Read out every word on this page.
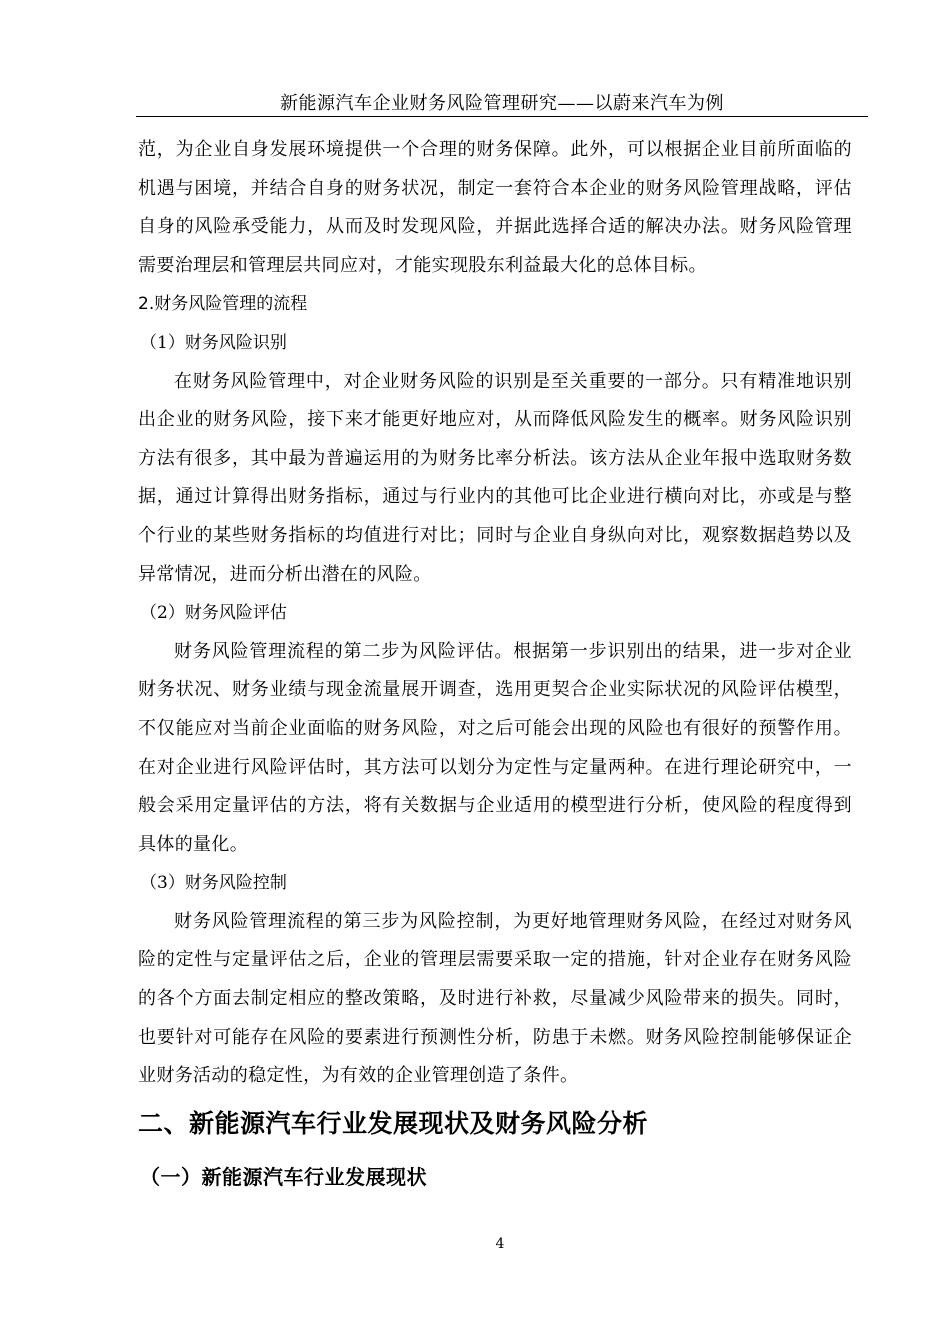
新能源汽车企业财务风险管理研究——以蔚来汽车为例

范，为企业自身发展环境提供一个合理的财务保障。此外，可以根据企业目前所面临的机遇与困境，并结合自身的财务状况，制定一套符合本企业的财务风险管理战略，评估自身的风险承受能力，从而及时发现风险，并据此选择合适的解决办法。财务风险管理需要治理层和管理层共同应对，才能实现股东利益最大化的总体目标。

2.财务风险管理的流程

（1）财务风险识别

在财务风险管理中，对企业财务风险的识别是至关重要的一部分。只有精准地识别出企业的财务风险，接下来才能更好地应对，从而降低风险发生的概率。财务风险识别方法有很多，其中最为普遍运用的为财务比率分析法。该方法从企业年报中选取财务数据，通过计算得出财务指标，通过与行业内的其他可比企业进行横向对比，亦或是与整个行业的某些财务指标的均值进行对比；同时与企业自身纵向对比，观察数据趋势以及异常情况，进而分析出潜在的风险。

（2）财务风险评估

财务风险管理流程的第二步为风险评估。根据第一步识别出的结果，进一步对企业财务状况、财务业绩与现金流量展开调查，选用更契合企业实际状况的风险评估模型，不仅能应对当前企业面临的财务风险，对之后可能会出现的风险也有很好的预警作用。在对企业进行风险评估时，其方法可以划分为定性与定量两种。在进行理论研究中，一般会采用定量评估的方法，将有关数据与企业适用的模型进行分析，使风险的程度得到具体的量化。

（3）财务风险控制

财务风险管理流程的第三步为风险控制，为更好地管理财务风险，在经过对财务风险的定性与定量评估之后，企业的管理层需要采取一定的措施，针对企业存在财务风险的各个方面去制定相应的整改策略，及时进行补救，尽量减少风险带来的损失。同时，也要针对可能存在风险的要素进行预测性分析，防患于未燃。财务风险控制能够保证企业财务活动的稳定性，为有效的企业管理创造了条件。

二、新能源汽车行业发展现状及财务风险分析
（一）新能源汽车行业发展现状
4
